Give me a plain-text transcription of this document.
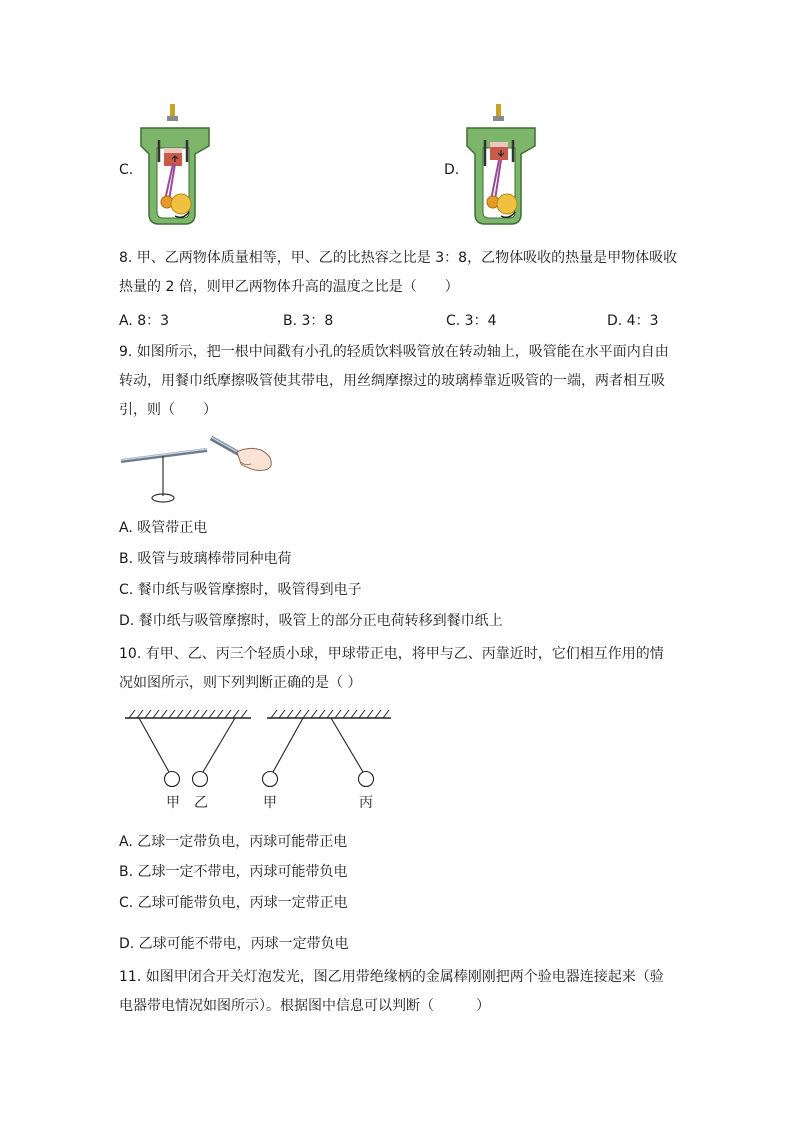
C.	D.
8. 甲、乙两物体质量相等，甲、乙的比热容之比是 3：8，乙物体吸收的热量是甲物体吸收
热量的 2 倍，则甲乙两物体升高的温度之比是（　　）
A. 8：3	B. 3：8	C. 3：4	D. 4：3
9. 如图所示，把一根中间戳有小孔的轻质饮料吸管放在转动轴上，吸管能在水平面内自由
转动，用餐巾纸摩擦吸管使其带电，用丝绸摩擦过的玻璃棒靠近吸管的一端，两者相互吸
引，则（　　）
A. 吸管带正电
B. 吸管与玻璃棒带同种电荷
C. 餐巾纸与吸管摩擦时，吸管得到电子
D. 餐巾纸与吸管摩擦时，吸管上的部分正电荷转移到餐巾纸上
10. 有甲、乙、丙三个轻质小球，甲球带正电，将甲与乙、丙靠近时，它们相互作用的情
况如图所示，则下列判断正确的是（ ）
甲 乙	甲	丙
A. 乙球一定带负电，丙球可能带正电
B. 乙球一定不带电，丙球可能带负电
C. 乙球可能带负电，丙球一定带正电
D. 乙球可能不带电，丙球一定带负电
11. 如图甲闭合开关灯泡发光，图乙用带绝缘柄的金属棒刚刚把两个验电器连接起来（验
电器带电情况如图所示）。根据图中信息可以判断（　　　）
